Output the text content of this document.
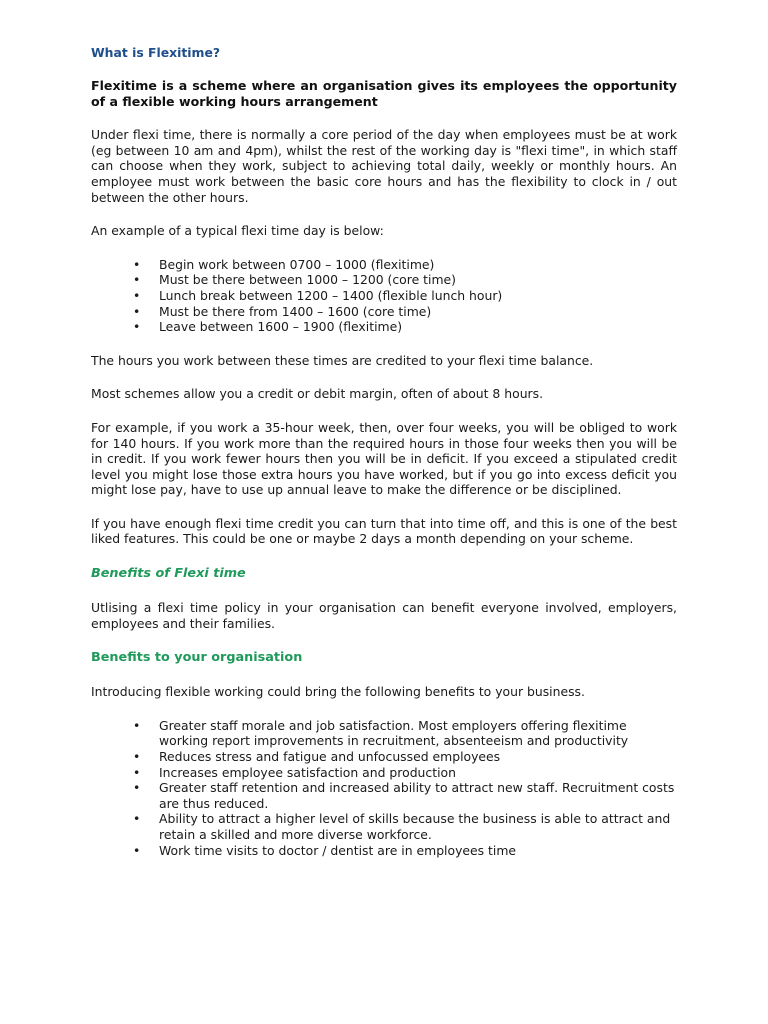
What is Flexitime?

Flexitime is a scheme where an organisation gives its employees the opportunity of a flexible working hours arrangement

Under flexi time, there is normally a core period of the day when employees must be at work (eg between 10 am and 4pm), whilst the rest of the working day is "flexi time", in which staff can choose when they work, subject to achieving total daily, weekly or monthly hours. An employee must work between the basic core hours and has the flexibility to clock in / out between the other hours.

An example of a typical flexi time day is below:

• Begin work between 0700 – 1000 (flexitime)
• Must be there between 1000 – 1200 (core time)
• Lunch break between 1200 – 1400 (flexible lunch hour)
• Must be there from 1400 – 1600 (core time)
• Leave between 1600 – 1900 (flexitime)

The hours you work between these times are credited to your flexi time balance.

Most schemes allow you a credit or debit margin, often of about 8 hours.

For example, if you work a 35-hour week, then, over four weeks, you will be obliged to work for 140 hours. If you work more than the required hours in those four weeks then you will be in credit. If you work fewer hours then you will be in deficit. If you exceed a stipulated credit level you might lose those extra hours you have worked, but if you go into excess deficit you might lose pay, have to use up annual leave to make the difference or be disciplined.

If you have enough flexi time credit you can turn that into time off, and this is one of the best liked features. This could be one or maybe 2 days a month depending on your scheme.

Benefits of Flexi time

Utlising a flexi time policy in your organisation can benefit everyone involved, employers, employees and their families.

Benefits to your organisation

Introducing flexible working could bring the following benefits to your business.

• Greater staff morale and job satisfaction. Most employers offering flexitime working report improvements in recruitment, absenteeism and productivity
• Reduces stress and fatigue and unfocussed employees
• Increases employee satisfaction and production
• Greater staff retention and increased ability to attract new staff. Recruitment costs are thus reduced.
• Ability to attract a higher level of skills because the business is able to attract and retain a skilled and more diverse workforce.
• Work time visits to doctor / dentist are in employees time
